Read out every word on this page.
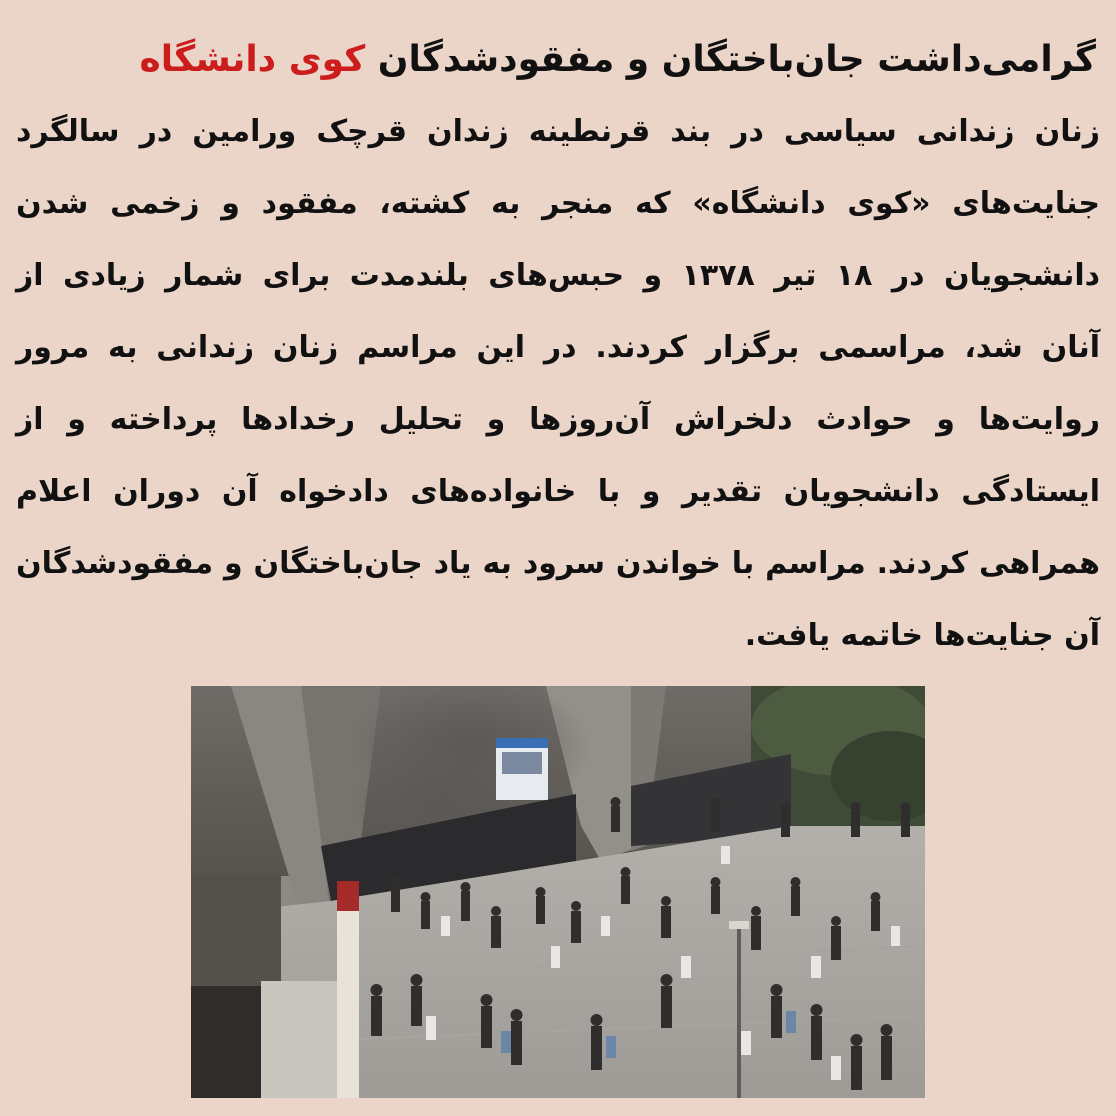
گرامی‌داشت جان‌باختگان و مفقودشدگان کوی دانشگاه
زنان زندانی سیاسی در بند قرنطینه زندان قرچک ورامین در سالگرد
جنایت‌های «کوی دانشگاه» که منجر به کشته، مفقود و زخمی شدن
دانشجویان در ۱۸ تیر ۱۳۷۸ و حبس‌های بلندمدت برای شمار زیادی از
آنان شد، مراسمی برگزار کردند. در این مراسم زنان زندانی به مرور
روایت‌ها و حوادث دلخراش آن‌روزها و تحلیل رخدادها پرداخته و از
ایستادگی دانشجویان تقدیر و با خانواده‌های دادخواه آن دوران اعلام
همراهی کردند. مراسم با خواندن سرود به یاد جان‌باختگان و مفقودشدگان
آن جنایت‌ها خاتمه یافت.
